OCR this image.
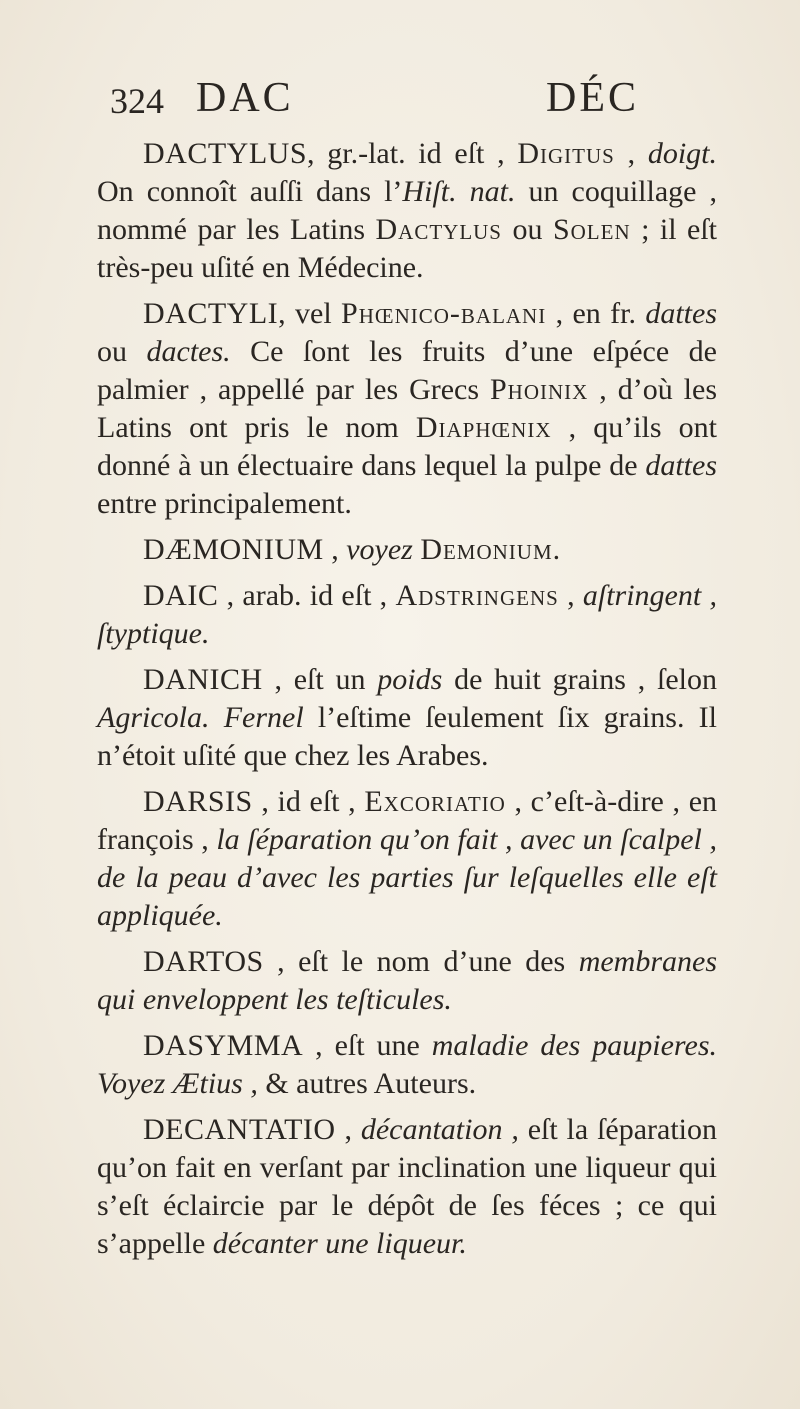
324 DAC	DÉC

DACTYLUS, gr.-lat. id eſt , Digitus , doigt. On connoît auſſi dans l’Hiſt. nat. un coquillage , nommé par les Latins Dactylus ou Solen ; il eſt très-peu uſité en Médecine.

DACTYLI, vel Phœnico-balani , en fr. dattes ou dactes. Ce ſont les fruits d’une eſpéce de palmier , appellé par les Grecs Phoinix , d’où les Latins ont pris le nom Diaphœnix , qu’ils ont donné à un électuaire dans lequel la pulpe de dattes entre principalement.

DÆMONIUM , voyez Demonium.

DAIC , arab. id eſt , Adstringens , aſtringent , ſtyptique.

DANICH , eſt un poids de huit grains , ſelon Agricola. Fernel l’eſtime ſeulement ſix grains. Il n’étoit uſité que chez les Arabes.

DARSIS , id eſt , Excoriatio , c’eſt-à-dire , en françois , la ſéparation qu’on fait , avec un ſcalpel , de la peau d’avec les parties ſur leſquelles elle eſt appliquée.

DARTOS , eſt le nom d’une des membranes qui enveloppent les teſticules.

DASYMMA , eſt une maladie des paupieres. Voyez Ætius , & autres Auteurs.

DECANTATIO , décantation , eſt la ſéparation qu’on fait en verſant par inclination une liqueur qui s’eſt éclaircie par le dépôt de ſes féces ; ce qui s’appelle décanter une liqueur.
